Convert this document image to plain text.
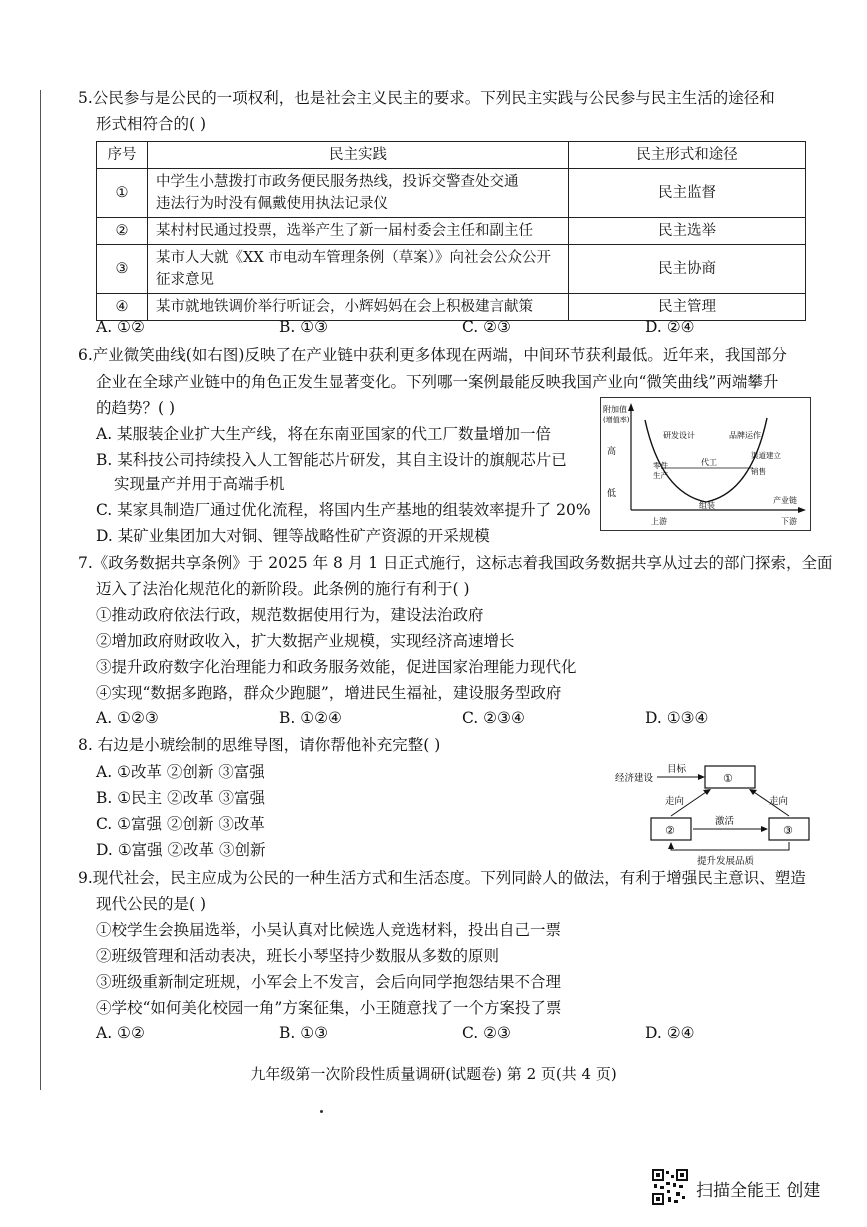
5.公民参与是公民的一项权利，也是社会主义民主的要求。下列民主实践与公民参与民主生活的途径和
形式相符合的( )
序号	民主实践	民主形式和途径
①	中学生小慧拨打市政务便民服务热线，投诉交警查处交通
违法行为时没有佩戴使用执法记录仪	民主监督
②	某村村民通过投票，选举产生了新一届村委会主任和副主任	民主选举
③	某市人大就《XX 市电动车管理条例（草案）》向社会公众公开
征求意见	民主协商
④	某市就地铁调价举行听证会，小辉妈妈在会上积极建言献策	民主管理
A. ①②	B. ①③	C. ②③	D. ②④
6.产业微笑曲线(如右图)反映了在产业链中获利更多体现在两端，中间环节获利最低。近年来，我国部分
企业在全球产业链中的角色正发生显著变化。下列哪一案例最能反映我国产业向“微笑曲线”两端攀升
的趋势？( )
A. 某服装企业扩大生产线，将在东南亚国家的代工厂数量增加一倍
B. 某科技公司持续投入人工智能芯片研发，其自主设计的旗舰芯片已
实现量产并用于高端手机
C. 某家具制造厂通过优化流程，将国内生产基地的组装效率提升了 20%
D. 某矿业集团加大对铜、锂等战略性矿产资源的开采规模
附加值
(增值率)
高
低
研发设计	品牌运作
零件
生产
代工
渠道建立
销售
组装
产业链
上游	下游
7.《政务数据共享条例》于 2025 年 8 月 1 日正式施行，这标志着我国政务数据共享从过去的部门探索，全面
迈入了法治化规范化的新阶段。此条例的施行有利于( )
①推动政府依法行政，规范数据使用行为，建设法治政府
②增加政府财政收入，扩大数据产业规模，实现经济高速增长
③提升政府数字化治理能力和政务服务效能，促进国家治理能力现代化
④实现“数据多跑路，群众少跑腿”，增进民生福祉，建设服务型政府
A. ①②③	B. ①②④	C. ②③④	D. ①③④
8. 右边是小琥绘制的思维导图，请你帮他补充完整( )
A. ①改革 ②创新 ③富强
B. ①民主 ②改革 ③富强
C. ①富强 ②创新 ③改革
D. ①富强 ②改革 ③创新
经济建设
目标
①
②	③
走向	走向
激活
提升发展品质
9.现代社会，民主应成为公民的一种生活方式和生活态度。下列同龄人的做法，有利于增强民主意识、塑造
现代公民的是( )
①校学生会换届选举，小吴认真对比候选人竞选材料，投出自己一票
②班级管理和活动表决，班长小琴坚持少数服从多数的原则
③班级重新制定班规，小军会上不发言，会后向同学抱怨结果不合理
④学校“如何美化校园一角”方案征集，小王随意找了一个方案投了票
A. ①②	B. ①③	C. ②③	D. ②④
九年级第一次阶段性质量调研(试题卷) 第 2 页(共 4 页)
扫描全能王 创建
